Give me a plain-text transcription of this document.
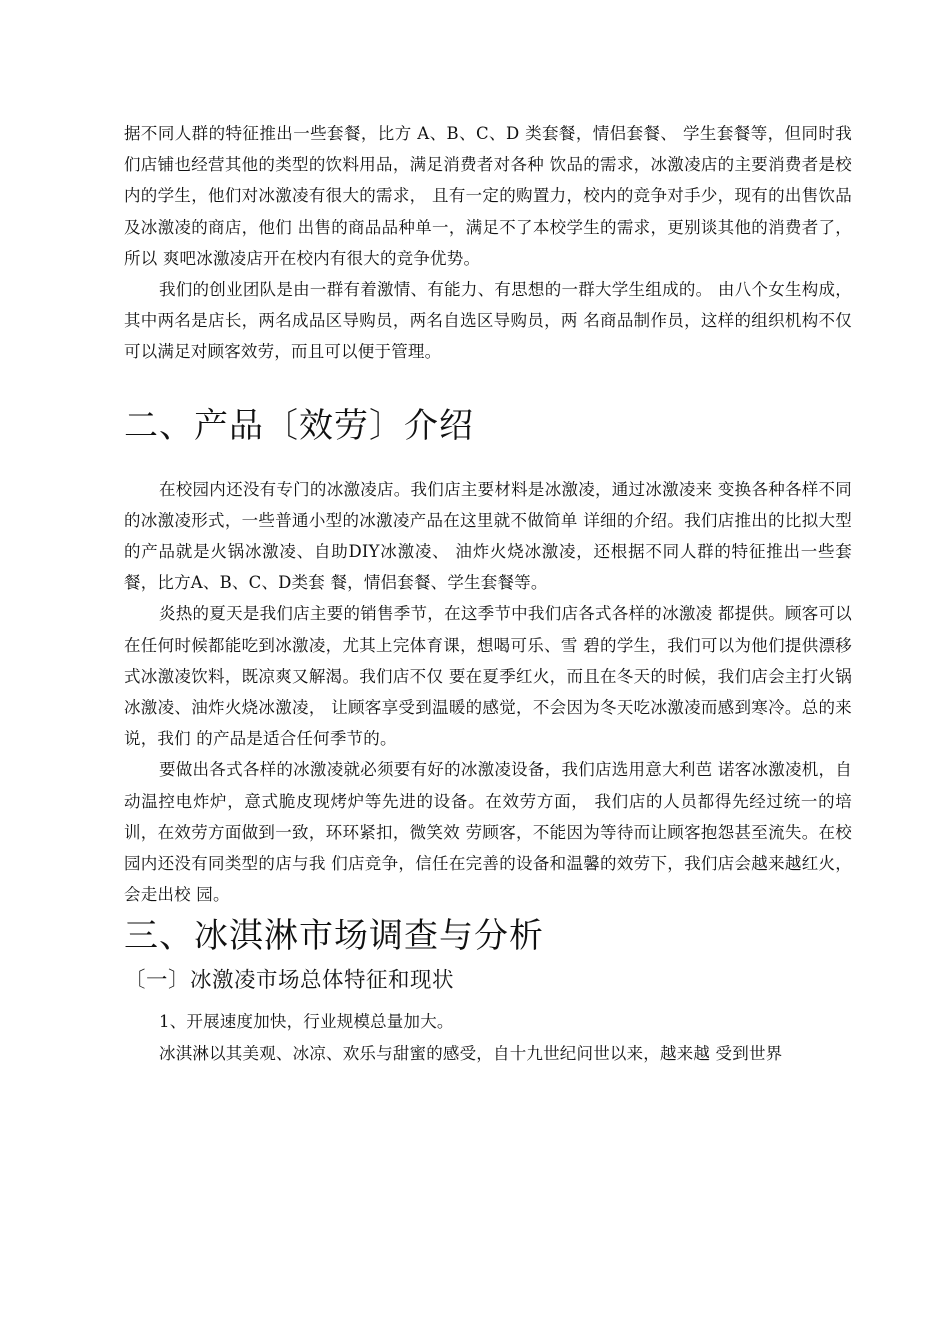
据不同人群的特征推出一些套餐，比方 A、B、C、D 类套餐，情侣套餐、 学生套餐等，但同时我们店铺也经营其他的类型的饮料用品，满足消费者对各种 饮品的需求，冰激凌店的主要消费者是校内的学生，他们对冰激凌有很大的需求， 且有一定的购置力，校内的竞争对手少，现有的出售饮品及冰激凌的商店，他们 出售的商品品种单一，满足不了本校学生的需求，更别谈其他的消费者了，所以 爽吧冰激凌店开在校内有很大的竞争优势。

我们的创业团队是由一群有着激情、有能力、有思想的一群大学生组成的。 由八个女生构成，其中两名是店长，两名成品区导购员，两名自选区导购员，两 名商品制作员，这样的组织机构不仅可以满足对顾客效劳，而且可以便于管理。

二、产品〔效劳〕介绍

在校园内还没有专门的冰激凌店。我们店主要材料是冰激凌，通过冰激凌来 变换各种各样不同的冰激凌形式，一些普通小型的冰激凌产品在这里就不做简单 详细的介绍。我们店推出的比拟大型的产品就是火锅冰激凌、自助DIY冰激凌、 油炸火烧冰激凌，还根据不同人群的特征推出一些套餐，比方A、B、C、D类套 餐，情侣套餐、学生套餐等。

炎热的夏天是我们店主要的销售季节，在这季节中我们店各式各样的冰激凌 都提供。顾客可以在任何时候都能吃到冰激凌，尤其上完体育课，想喝可乐、雪 碧的学生，我们可以为他们提供漂移式冰激凌饮料，既凉爽又解渴。我们店不仅 要在夏季红火，而且在冬天的时候，我们店会主打火锅冰激凌、油炸火烧冰激凌， 让顾客享受到温暖的感觉，不会因为冬天吃冰激凌而感到寒冷。总的来说，我们 的产品是适合任何季节的。

要做出各式各样的冰激凌就必须要有好的冰激凌设备，我们店选用意大利芭 诺客冰激凌机，自动温控电炸炉，意式脆皮现烤炉等先进的设备。在效劳方面， 我们店的人员都得先经过统一的培训，在效劳方面做到一致，环环紧扣，微笑效 劳顾客，不能因为等待而让顾客抱怨甚至流失。在校园内还没有同类型的店与我 们店竞争，信任在完善的设备和温馨的效劳下，我们店会越来越红火，会走出校 园。

三、冰淇淋市场调查与分析
〔一〕冰激凌市场总体特征和现状

1、开展速度加快，行业规模总量加大。

冰淇淋以其美观、冰凉、欢乐与甜蜜的感受，自十九世纪问世以来，越来越 受到世界
